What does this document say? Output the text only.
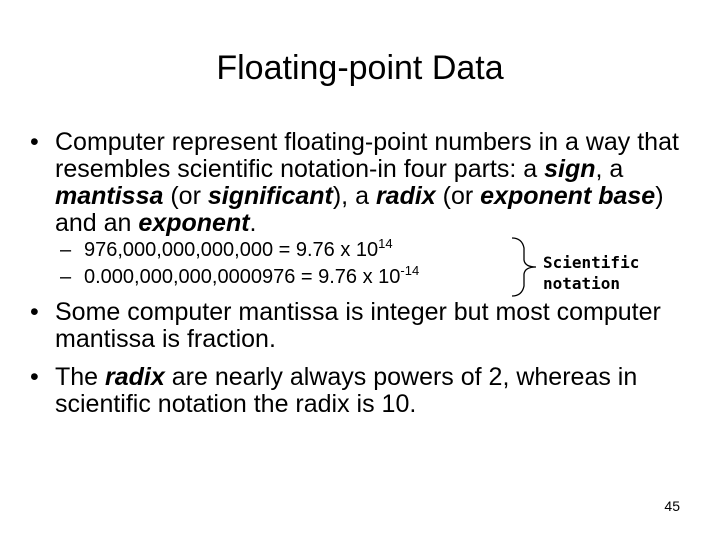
Floating-point Data
• Computer represent floating-point numbers in a way that resembles scientific notation-in four parts: a sign, a mantissa (or significant), a radix (or exponent base) and an exponent.
– 976,000,000,000,000 = 9.76 x $10^{14}$
– 0.000,000,000,0000976 = 9.76 x $10^{-14}$	Scientific
notation
• Some computer mantissa is integer but most computer mantissa is fraction.
• The radix are nearly always powers of 2, whereas in scientific notation the radix is 10.
45
